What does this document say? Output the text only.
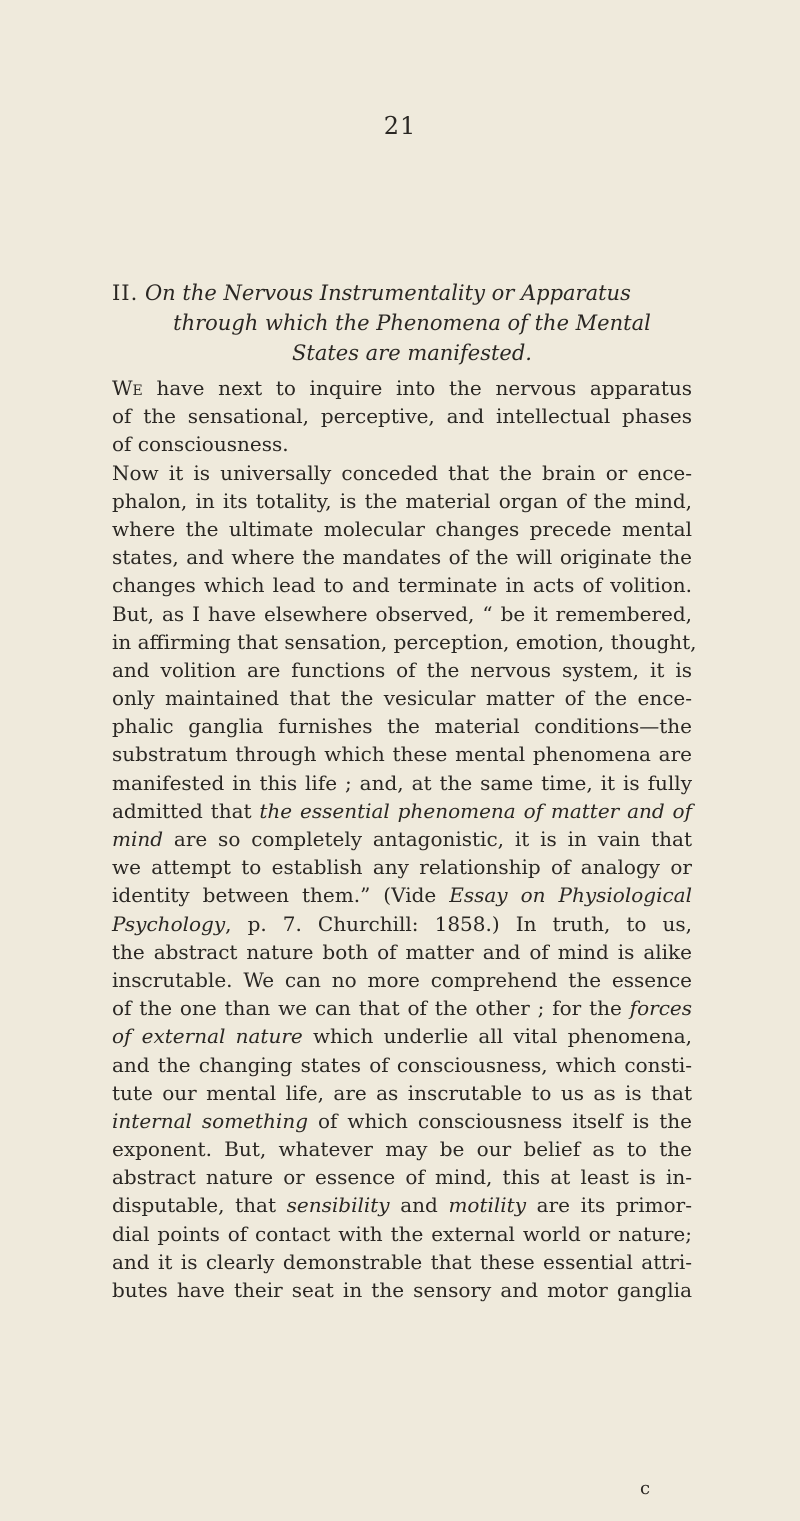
21
II. On the Nervous Instrumentality or Apparatus
through which the Phenomena of the Mental
States are manifested.
We have next to inquire into the nervous apparatus
of the sensational, perceptive, and intellectual phases
of consciousness.
Now it is universally conceded that the brain or ence-
phalon, in its totality, is the material organ of the mind,
where the ultimate molecular changes precede mental
states, and where the mandates of the will originate the
changes which lead to and terminate in acts of volition.
But, as I have elsewhere observed, “ be it remembered,
in affirming that sensation, perception, emotion, thought,
and volition are functions of the nervous system, it is
only maintained that the vesicular matter of the ence-
phalic ganglia furnishes the material conditions—the
substratum through which these mental phenomena are
manifested in this life ; and, at the same time, it is fully
admitted that the essential phenomena of matter and of
mind are so completely antagonistic, it is in vain that
we attempt to establish any relationship of analogy or
identity between them.” (Vide Essay on Physiological
Psychology, p. 7. Churchill: 1858.) In truth, to us,
the abstract nature both of matter and of mind is alike
inscrutable. We can no more comprehend the essence
of the one than we can that of the other ; for the forces
of external nature which underlie all vital phenomena,
and the changing states of consciousness, which consti-
tute our mental life, are as inscrutable to us as is that
internal something of which consciousness itself is the
exponent. But, whatever may be our belief as to the
abstract nature or essence of mind, this at least is in-
disputable, that sensibility and motility are its primor-
dial points of contact with the external world or nature;
and it is clearly demonstrable that these essential attri-
butes have their seat in the sensory and motor ganglia
c
